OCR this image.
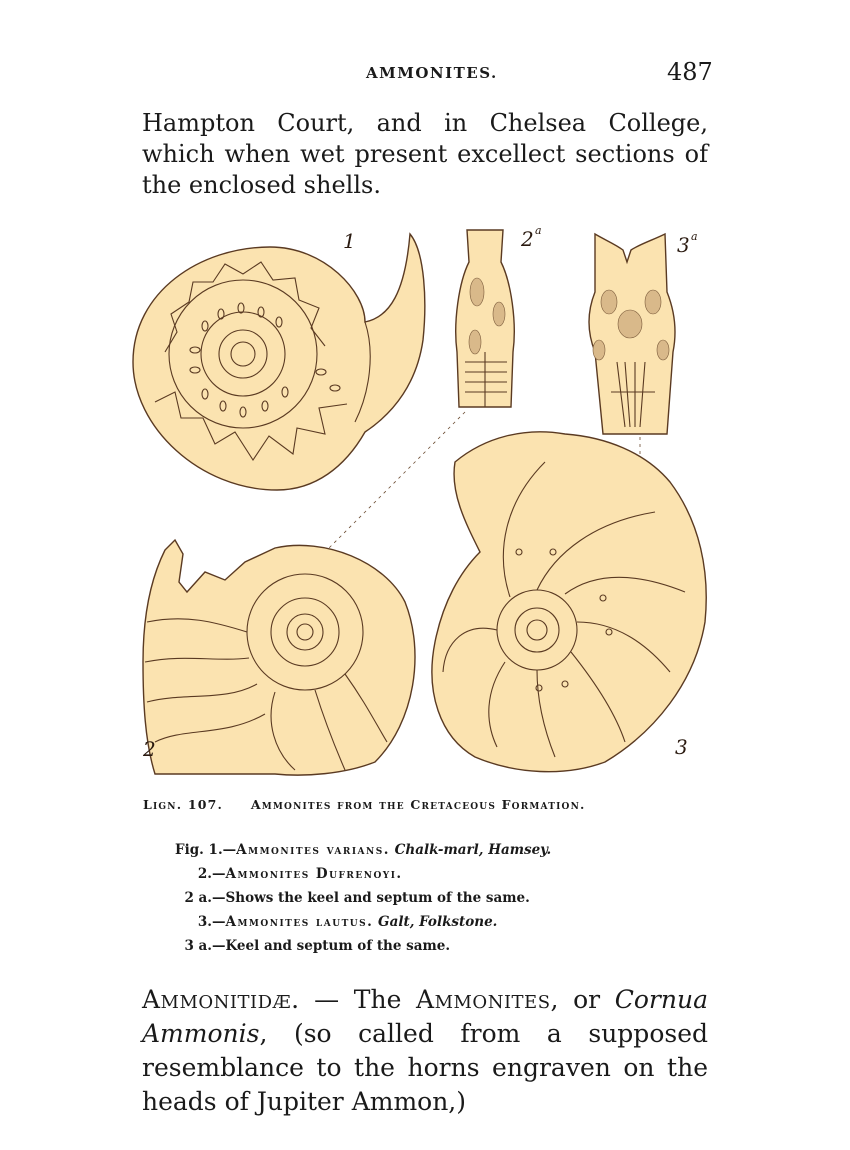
AMMONITES.	487

Hampton Court, and in Chelsea College, which when wet present excellect sections of the enclosed shells.

1	2 a
3 a
2	3
Lign. 107. Ammonites from the Cretaceous Formation.
Fig. 1.—Ammonites varians. Chalk-marl, Hamsey.
2.—Ammonites Dufrenoyi.
2 a.—Shows the keel and septum of the same.
3.—Ammonites lautus. Galt, Folkstone.
3 a.—Keel and septum of the same.

Ammonitidæ. — The Ammonites, or Cornua Ammonis, (so called from a supposed resemblance to the horns engraven on the heads of Jupiter Ammon,)
